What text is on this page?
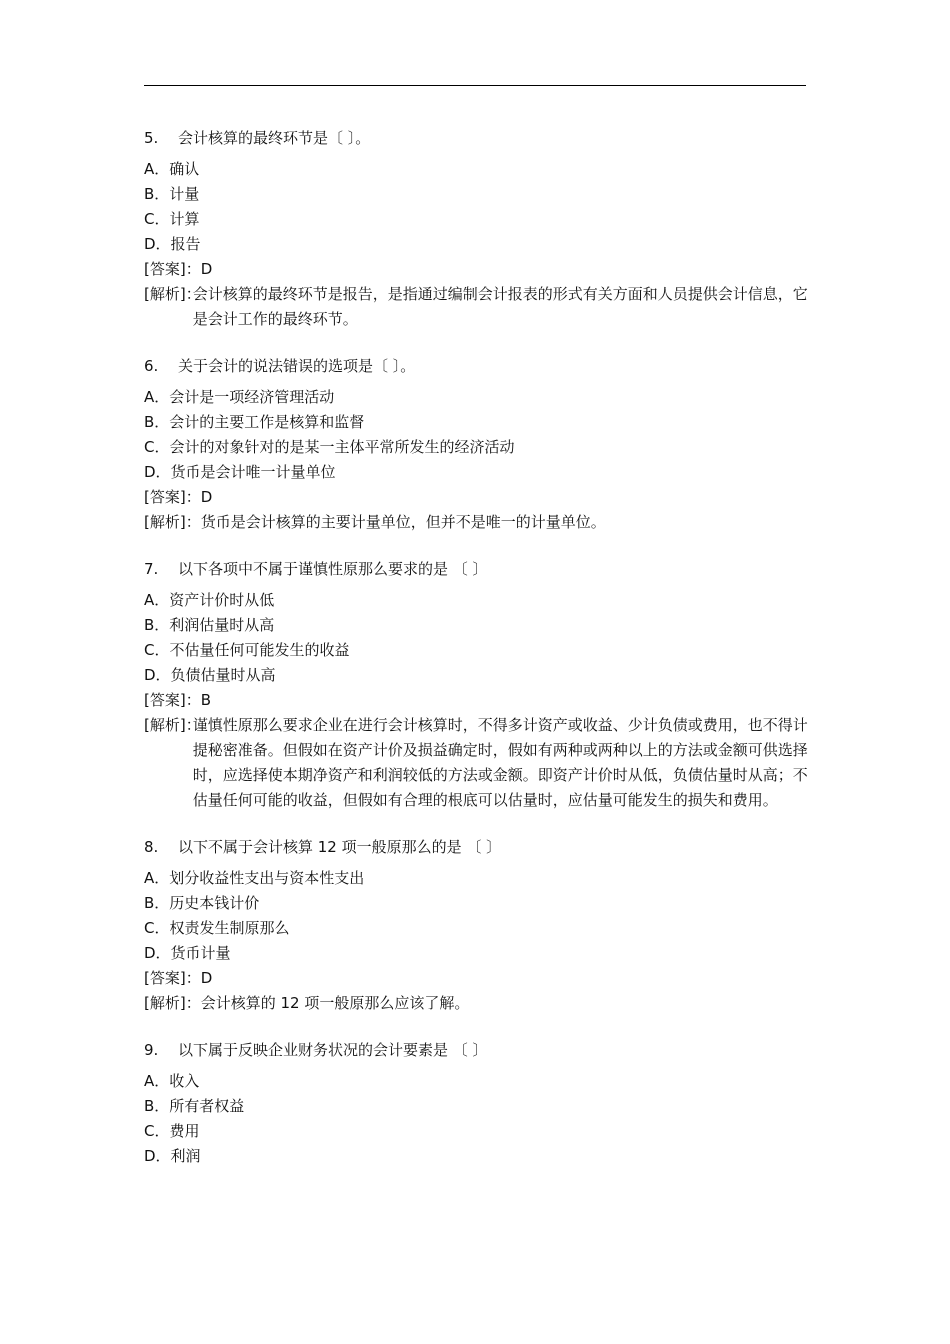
5. 会计核算的最终环节是〔 〕。
A．确认
B．计量
C．计算
D．报告
[答案]：D
[解析]：
会计核算的最终环节是报告，是指通过编制会计报表的形式有关方面和人员提供会计信息，它是会计工作的最终环节。
6. 关于会计的说法错误的选项是〔 〕。
A．会计是一项经济管理活动
B．会计的主要工作是核算和监督
C．会计的对象针对的是某一主体平常所发生的经济活动
D．货币是会计唯一计量单位
[答案]：D
[解析]： 货币是会计核算的主要计量单位，但并不是唯一的计量单位。
7. 以下各项中不属于谨慎性原那么要求的是 〔 〕
A．资产计价时从低
B．利润估量时从高
C．不估量任何可能发生的收益
D．负债估量时从高
[答案]：B
[解析]：
谨慎性原那么要求企业在进行会计核算时，不得多计资产或收益、少计负债或费用，也不得计提秘密准备。但假如在资产计价及损益确定时，假如有两种或两种以上的方法或金额可供选择时，应选择使本期净资产和利润较低的方法或金额。即资产计价时从低，负债估量时从高；不估量任何可能的收益，但假如有合理的根底可以估量时，应估量可能发生的损失和费用。
8. 以下不属于会计核算 12 项一般原那么的是 〔 〕
A．划分收益性支出与资本性支出
B．历史本钱计价
C．权责发生制原那么
D．货币计量
[答案]：D
[解析]： 会计核算的 12 项一般原那么应该了解。
9. 以下属于反映企业财务状况的会计要素是 〔 〕
A．收入
B．所有者权益
C．费用
D．利润
